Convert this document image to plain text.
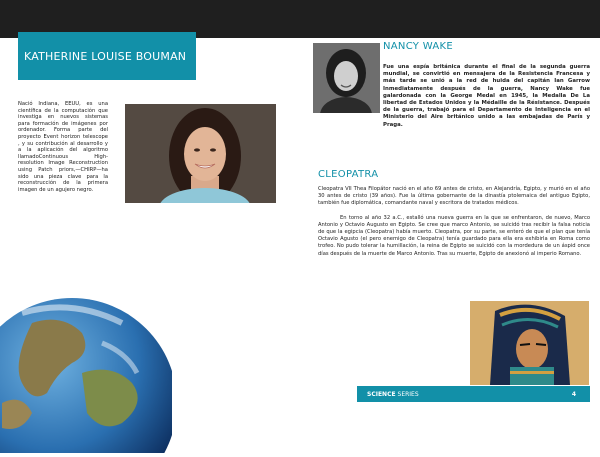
KATHERINE LOUISE BOUMAN
Nació Indiana, EEUU, es una científica de la computación que investiga en nuevos sistemas para formación de imágenes por ordenador. Forma parte del proyecto Event horizon telescope , y su contribución al desarrollo y a la aplicación del algoritmo llamadoContinuous High-resolution Image Reconstruction using Patch priors,—CHIRP—ha sido una pieza clave para la reconstrucción de la primera imagen de un agujero negro.
NANCY WAKE
Fue una espía británica durante el final de la segunda guerra mundial, se convirtió en mensajera de la Resistencia Francesa y más tarde se unió a la red de huida del capitán Ian Garrow Inmediatamente después de la guerra, Nancy Wake fue galardonada con la George Medal en 1945, la Medalla De La libertad de Estados Unidos y la Médaille de la Résistance. Después de la guerra, trabajó para el Departamento de Inteligencia en el Ministerio del Aire británico unido a las embajadas de París y Praga.
CLEOPATRA

Cleopatra VII Thea Filopátor nació en el año 69 antes de cristo, en Alejandría, Egipto, y murió en el año 30 antes de cristo (39 años). Fue la última gobernante de la dinastía ptolemaica del antiguo Egipto, también fue diplomática, comandante naval y escritora de tratados médicos.

En torno al año 32 a.C., estalló una nueva guerra en la que se enfrentaron, de nuevo, Marco Antonio y Octavio Augusto en Egipto. Se cree que marco Antonio, se suicidó tras recibir la falsa noticia de que la egipcia (Cleopatra) había muerto. Cleopatra, por su parte, se enteró de que el plan que tenía Octavio Agusto (el pero enemigo de Cleopatra) tenía guardado para ella era exhibirla en Roma como trofeo. No pudo tolerar la humillación, la reina de Egipto se suicidó con la mordedura de un áspid once días después de la muerte de Marco Antonio. Tras su muerte, Egipto de anexionó al imperio Romano.

SCIENCE SERIES	4
